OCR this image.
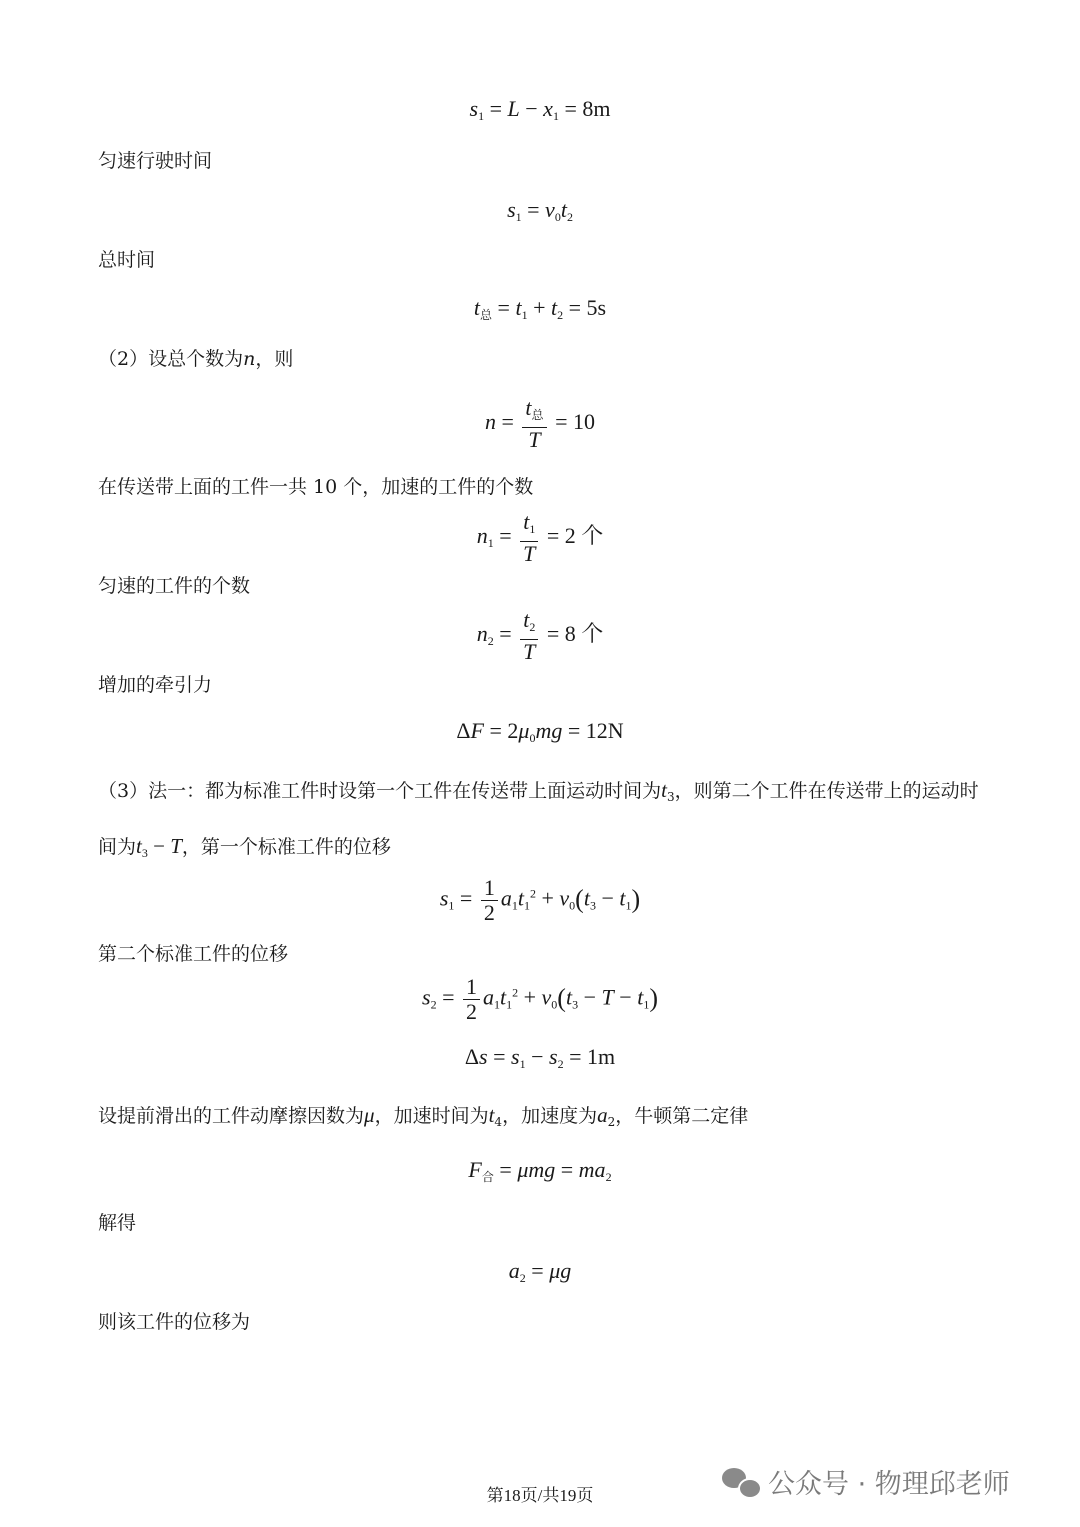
$s_1 = L - x_1 = 8m$
匀速行驶时间
$s_1 = v_0t_2$
总时间
$t_总 = t_1 + t_2 = 5s$
（2）设总个数为n，则
$n = \frac{t_总}{T} = 10$
在传送带上面的工件一共 10 个，加速的工件的个数
$n_1 = \frac{t_1}{T} = 2$ 个
匀速的工件的个数
$n_2 = \frac{t_2}{T} = 8$ 个
增加的牵引力
$\Delta F = 2\mu_0mg = 12N$
（3）法一：都为标准工件时设第一个工件在传送带上面运动时间为$t_3$，则第二个工件在传送带上的运动时
间为$t_3 - T$，第一个标准工件的位移
$s_1 = \frac{1}{2} a_1t_1^2 + v_0(t_3 - t_1)$
第二个标准工件的位移
$s_2 = \frac{1}{2} a_1t_1^2 + v_0(t_3 - T - t_1)$
$\Delta s = s_1 - s_2 = 1m$
设提前滑出的工件动摩擦因数为μ，加速时间为$t_4$，加速度为$a_2$，牛顿第二定律
$F_合 = \mu mg = ma_2$
解得
$a_2 = \mu g$
则该工件的位移为
第18页/共19页	公众号 · 物理邱老师
